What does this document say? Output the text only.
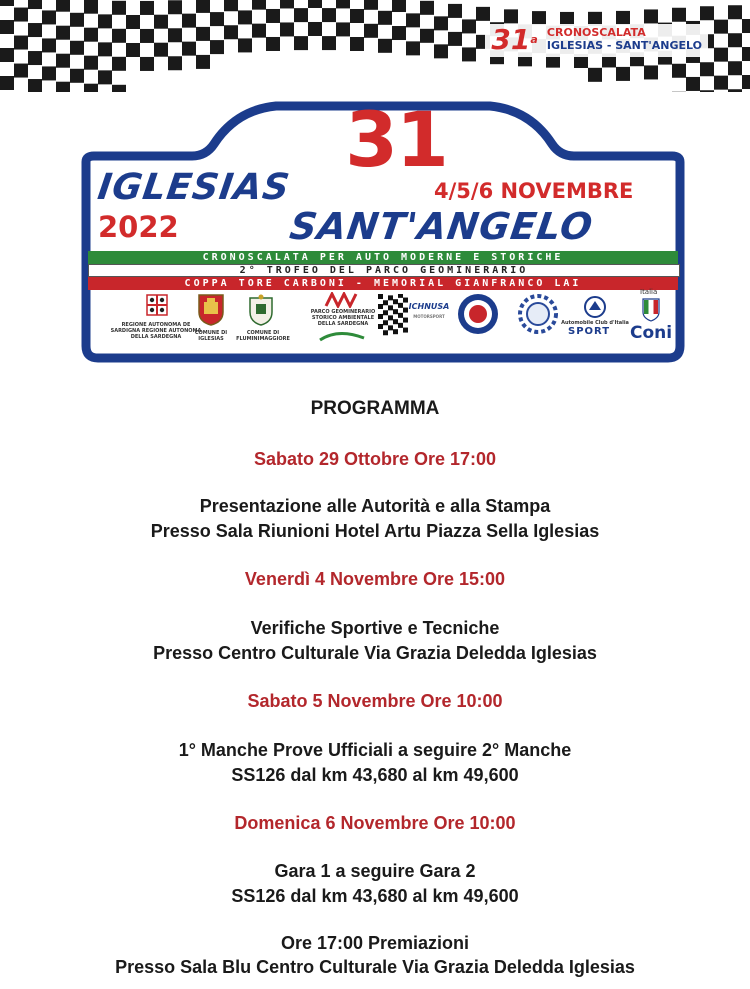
31$^a$
CRONOSCALATA
IGLESIAS - SANT'ANGELO
31
IGLESIAS
2022	SANT'ANGELO
4/5/6 NOVEMBRE
CRONOSCALATA PER AUTO MODERNE E STORICHE
2° TROFEO DEL PARCO GEOMINERARIO
COPPA TORE CARBONI - MEMORIAL GIANFRANCO LAI
REGIONE AUTONOMA DE SARDIGNA REGIONE AUTONOMA DELLA SARDEGNA
COMUNE DI IGLESIAS
COMUNE DI FLUMINIMAGGIORE
PARCO GEOMINERARIO STORICO AMBIENTALE DELLA SARDEGNA
ICHNUSA
MOTORSPORT
Automobile Club d'Italia
SPORT
Italia
Coni
PROGRAMMA
Sabato 29 Ottobre Ore 17:00
Presentazione alle Autorità e alla Stampa
Presso Sala Riunioni Hotel Artu Piazza Sella Iglesias
Venerdì 4 Novembre Ore 15:00
Verifiche Sportive e Tecniche
Presso Centro Culturale Via Grazia Deledda Iglesias
Sabato 5 Novembre Ore 10:00
1° Manche Prove Ufficiali a seguire 2° Manche
SS126 dal km 43,680 al km 49,600
Domenica 6 Novembre Ore 10:00
Gara 1 a seguire Gara 2
SS126 dal km 43,680 al km 49,600
Ore 17:00 Premiazioni
Presso Sala Blu Centro Culturale Via Grazia Deledda Iglesias
